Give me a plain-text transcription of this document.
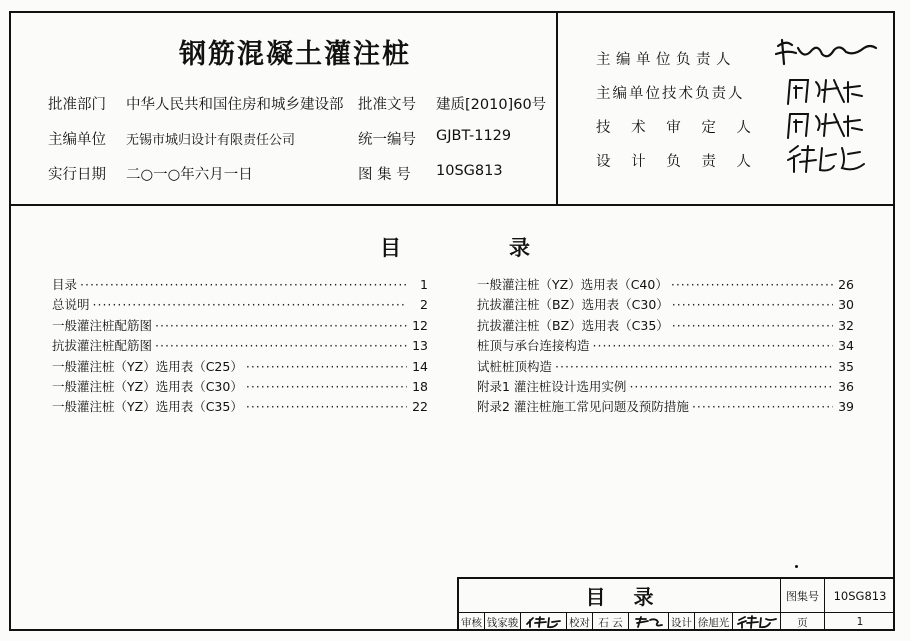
钢筋混凝土灌注桩
批准部门 中华人民共和国住房和城乡建设部 批准文号 建质[2010]60号
主编单位 无锡市城归设计有限责任公司	统一编号 GJBT-1129
实行日期 二○一○年六月一日	图 集 号 10SG813
主编单位负责人
主编单位技术负责人
技 术 审 定 人
设 计 负 责 人
目	录
目录 ·····	1
总说明 ·····	2
一般灌注桩配筋图 ·····	12
抗拔灌注桩配筋图 ·····	13
一般灌注桩（YZ）选用表（C25） ·····	14
一般灌注桩（YZ）选用表（C30） ·····	18
一般灌注桩（YZ）选用表（C35） ·····	22
一般灌注桩（YZ）选用表（C40） ·····	26
抗拔灌注桩（BZ）选用表（C30） ·····	30
抗拔灌注桩（BZ）选用表（C35） ·····	32
桩顶与承台连接构造 ·····	34
试桩桩顶构造 ·····	35
附录1 灌注桩设计选用实例 ·····	36
附录2 灌注桩施工常见问题及预防措施 ·····	39
目录	图集号	10SG813
审核 钱家骏	校对 石 云	设计 徐旭光	页	1
